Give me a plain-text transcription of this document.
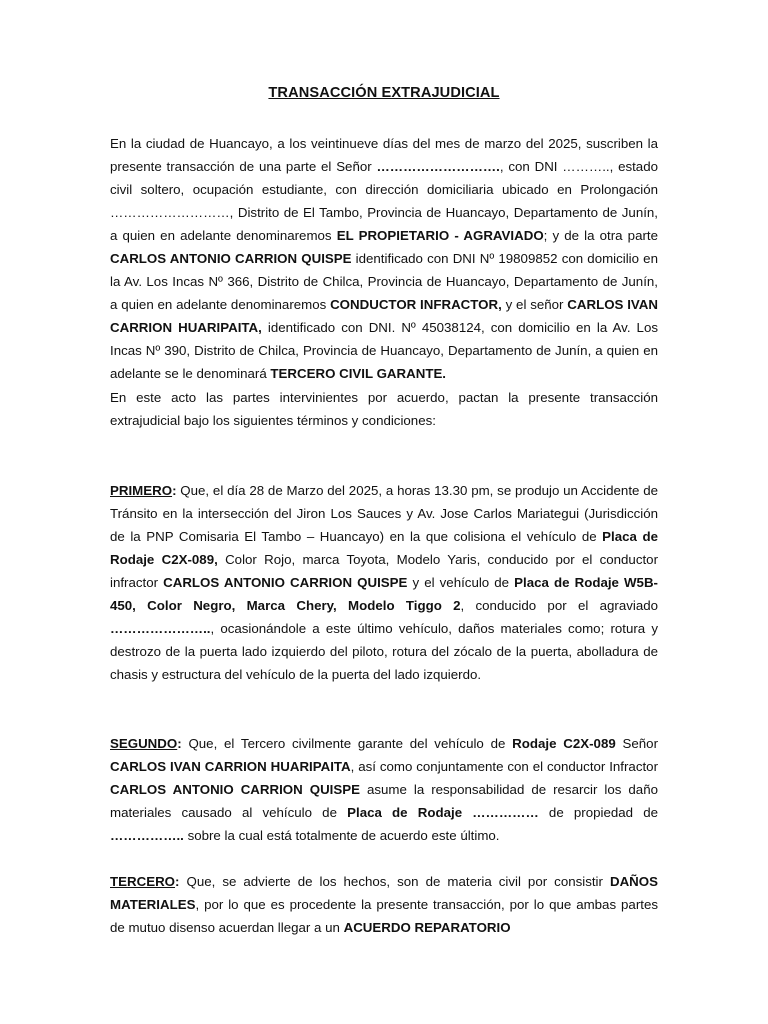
TRANSACCIÓN EXTRAJUDICIAL
En la ciudad de Huancayo, a los veintinueve días del mes de marzo del 2025, suscriben la presente transacción de una parte el Señor ………………………., con DNI ……….., estado civil soltero, ocupación estudiante, con dirección domiciliaria ubicado en Prolongación ………………………, Distrito de El Tambo, Provincia de Huancayo, Departamento de Junín, a quien en adelante denominaremos EL PROPIETARIO - AGRAVIADO; y de la otra parte CARLOS ANTONIO CARRION QUISPE identificado con DNI Nº 19809852 con domicilio en la Av. Los Incas Nº 366, Distrito de Chilca, Provincia de Huancayo, Departamento de Junín, a quien en adelante denominaremos CONDUCTOR INFRACTOR, y el señor CARLOS IVAN CARRION HUARIPAITA, identificado con DNI. Nº 45038124, con domicilio en la Av. Los Incas Nº 390, Distrito de Chilca, Provincia de Huancayo, Departamento de Junín, a quien en adelante se le denominará TERCERO CIVIL GARANTE.
En este acto las partes intervinientes por acuerdo, pactan la presente transacción extrajudicial bajo los siguientes términos y condiciones:
PRIMERO: Que, el día 28 de Marzo del 2025, a horas 13.30 pm, se produjo un Accidente de Tránsito en la intersección del Jiron Los Sauces y Av. Jose Carlos Mariategui (Jurisdicción de la PNP Comisaria El Tambo – Huancayo) en la que colisiona el vehículo de Placa de Rodaje C2X-089, Color Rojo, marca Toyota, Modelo Yaris, conducido por el conductor infractor CARLOS ANTONIO CARRION QUISPE y el vehículo de Placa de Rodaje W5B-450, Color Negro, Marca Chery, Modelo Tiggo 2, conducido por el agraviado ………………….., ocasionándole a este último vehículo, daños materiales como; rotura y destrozo de la puerta lado izquierdo del piloto, rotura del zócalo de la puerta, abolladura de chasis y estructura del vehículo de la puerta del lado izquierdo.
SEGUNDO: Que, el Tercero civilmente garante del vehículo de Rodaje C2X-089 Señor CARLOS IVAN CARRION HUARIPAITA, así como conjuntamente con el conductor Infractor CARLOS ANTONIO CARRION QUISPE asume la responsabilidad de resarcir los daño materiales causado al vehículo de Placa de Rodaje …………… de propiedad de …………….. sobre la cual está totalmente de acuerdo este último.
TERCERO: Que, se advierte de los hechos, son de materia civil por consistir DAÑOS MATERIALES, por lo que es procedente la presente transacción, por lo que ambas partes de mutuo disenso acuerdan llegar a un ACUERDO REPARATORIO
